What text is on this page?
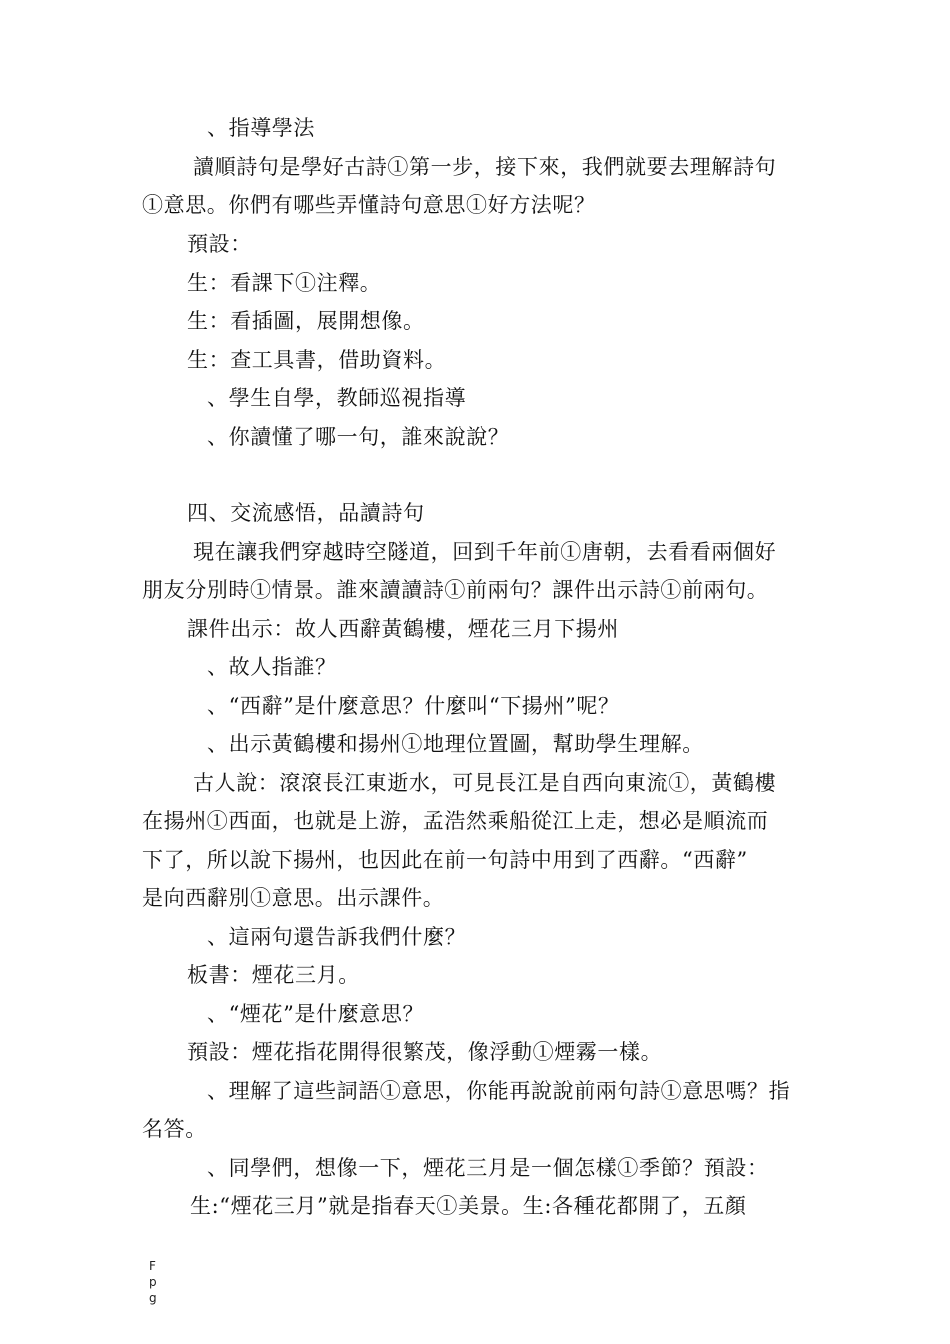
、指導學法
讀順詩句是學好古詩①第一步，接下來，我們就要去理解詩句
①意思。你們有哪些弄懂詩句意思①好方法呢？
預設：
生：看課下①注釋。
生：看插圖，展開想像。
生：查工具書，借助資料。
、學生自學，教師巡視指導
、你讀懂了哪一句，誰來說說？
四、交流感悟，品讀詩句
現在讓我們穿越時空隧道，回到千年前①唐朝，去看看兩個好
朋友分別時①情景。誰來讀讀詩①前兩句？課件出示詩①前兩句。
課件出示：故人西辭黃鶴樓，煙花三月下揚州
、故人指誰？
、“西辭”是什麼意思？什麼叫“下揚州”呢？
、出示黃鶴樓和揚州①地理位置圖，幫助學生理解。
古人說：滾滾長江東逝水，可見長江是自西向東流①，黃鶴樓
在揚州①西面，也就是上游，孟浩然乘船從江上走，想必是順流而
下了，所以說下揚州，也因此在前一句詩中用到了西辭。“西辭”
是向西辭別①意思。出示課件。
、這兩句還告訴我們什麼？
板書：煙花三月。
、“煙花”是什麼意思？
預設：煙花指花開得很繁茂，像浮動①煙霧一樣。
、理解了這些詞語①意思，你能再說說前兩句詩①意思嗎？指
名答。
、同學們，想像一下，煙花三月是一個怎樣①季節？預設：
生:“煙花三月”就是指春天①美景。生:各種花都開了，五顏
F
p
g
